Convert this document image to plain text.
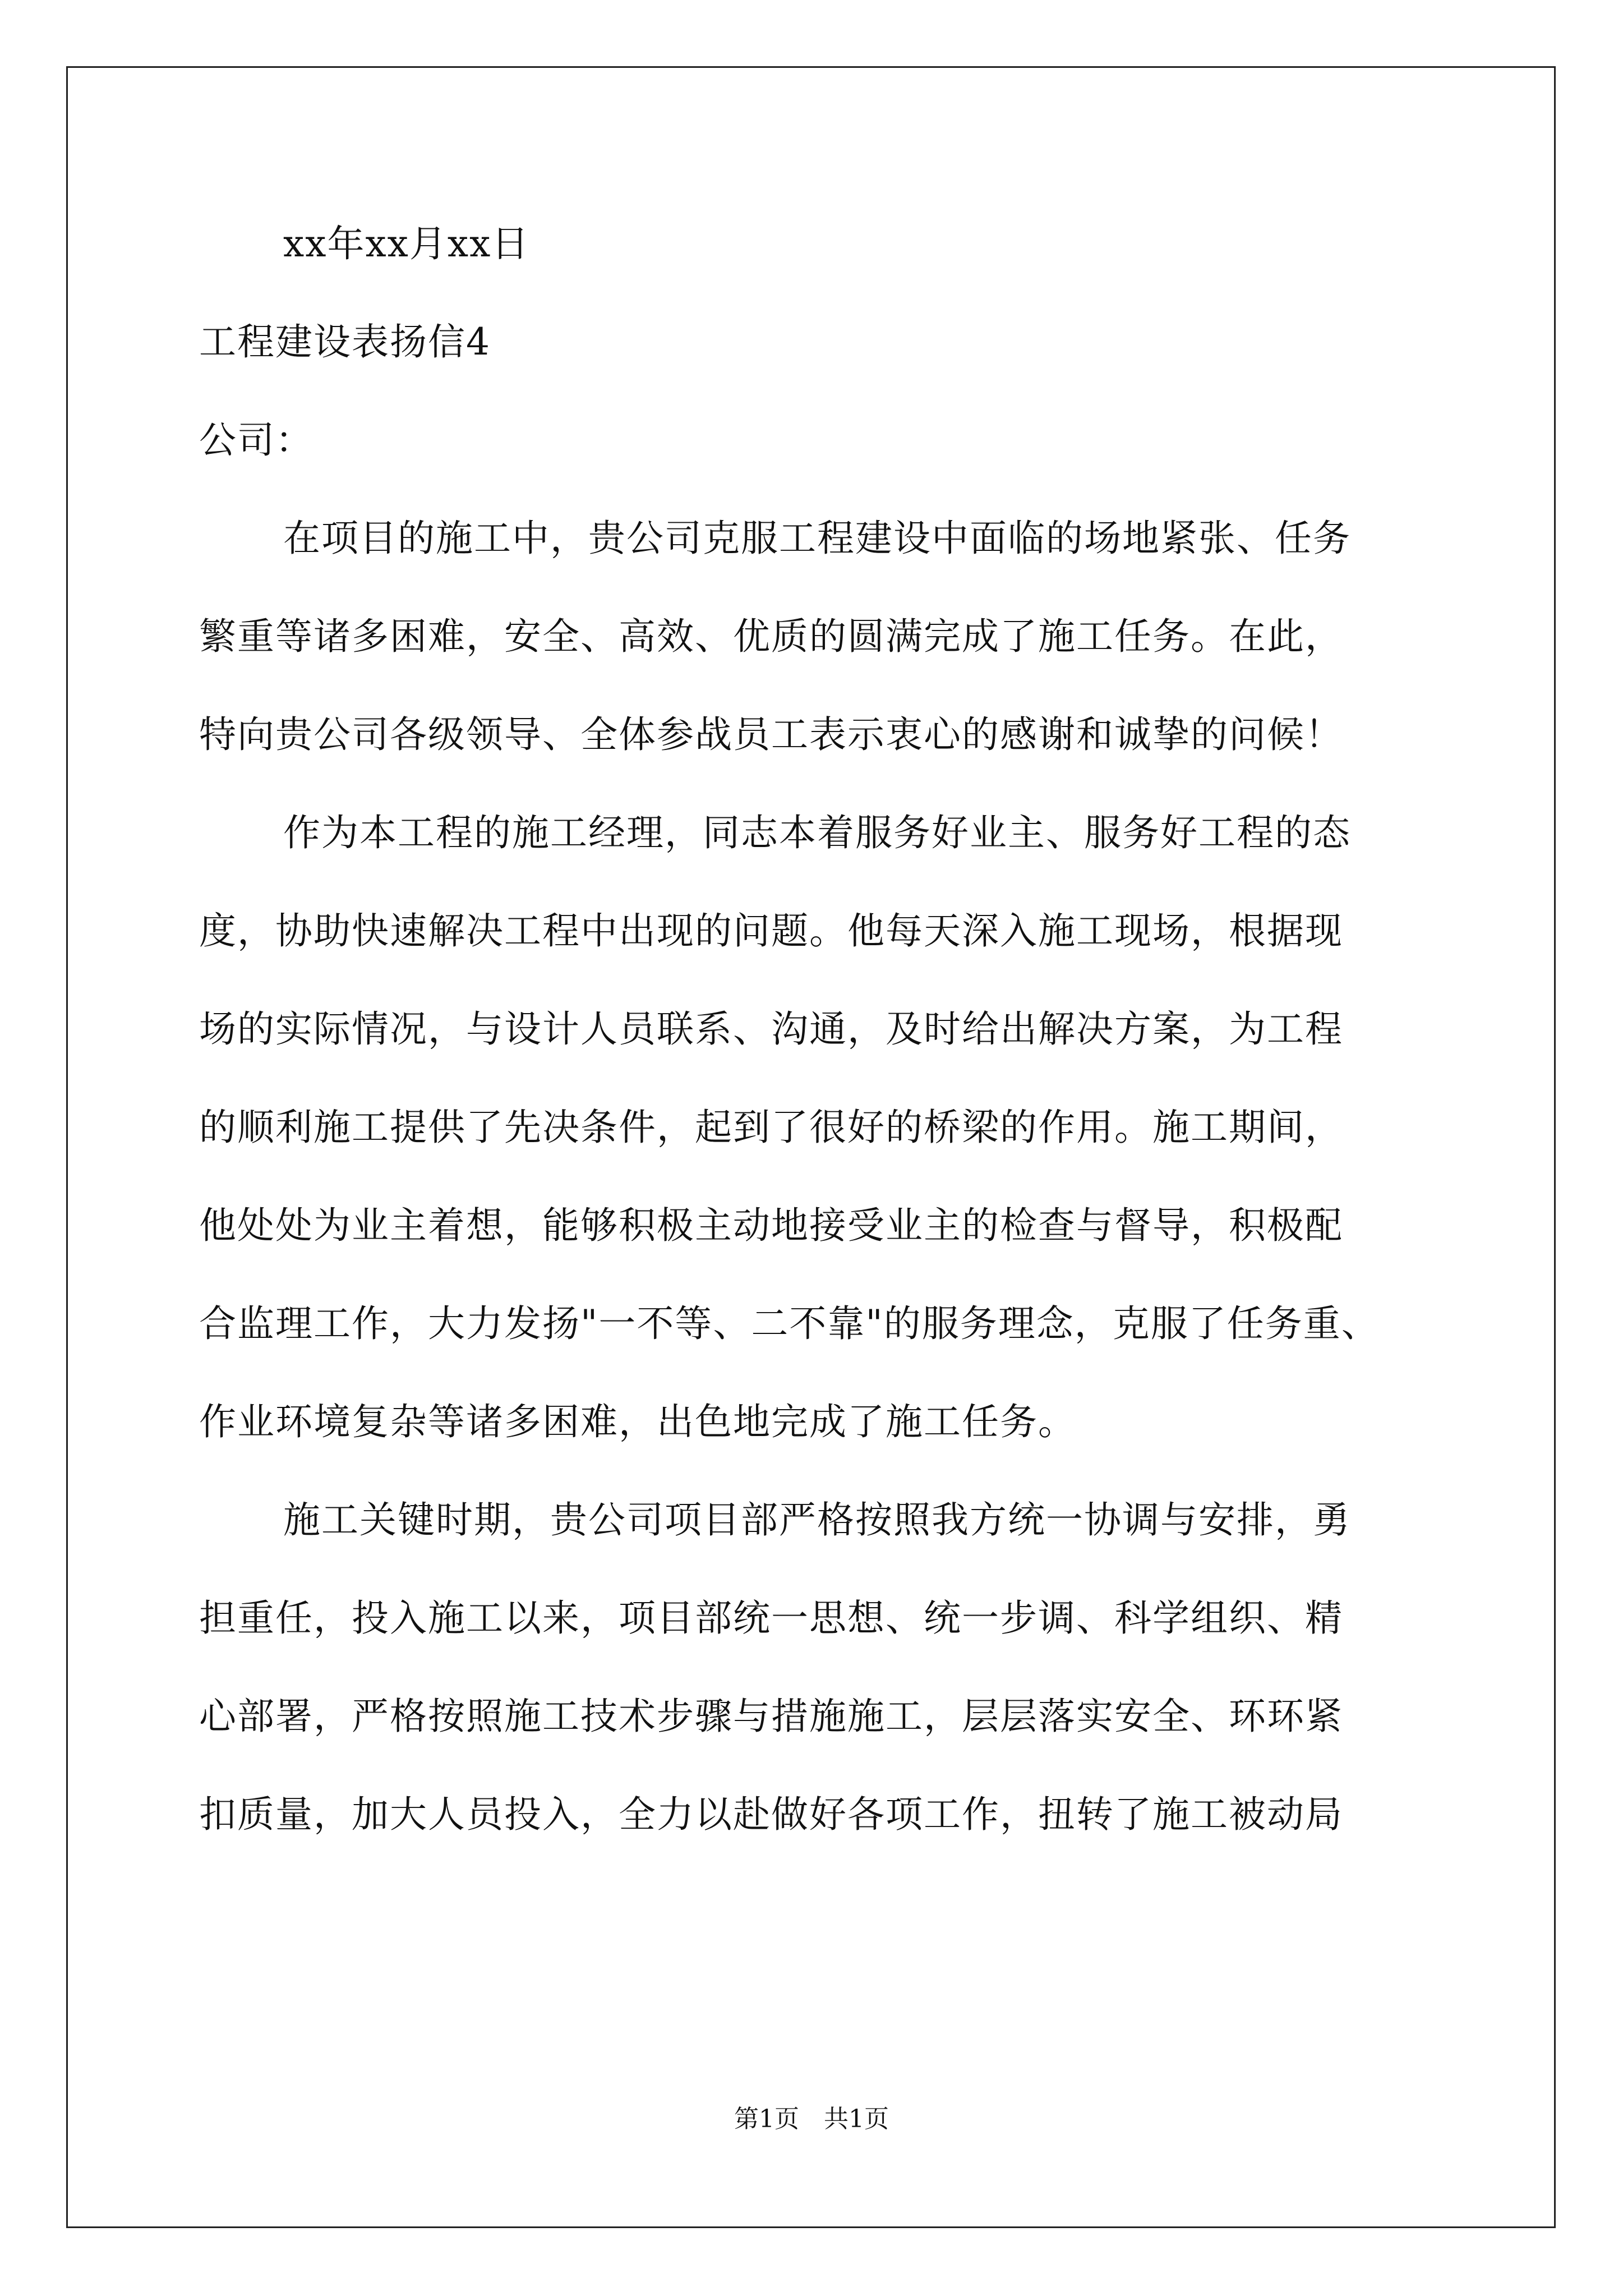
xx年xx月xx日
工程建设表扬信4
公司：
在项目的施工中，贵公司克服工程建设中面临的场地紧张、任务
繁重等诸多困难，安全、高效、优质的圆满完成了施工任务。在此，
特向贵公司各级领导、全体参战员工表示衷心的感谢和诚挚的问候！
作为本工程的施工经理，同志本着服务好业主、服务好工程的态
度，协助快速解决工程中出现的问题。他每天深入施工现场，根据现
场的实际情况，与设计人员联系、沟通，及时给出解决方案，为工程
的顺利施工提供了先决条件，起到了很好的桥梁的作用。施工期间，
他处处为业主着想，能够积极主动地接受业主的检查与督导，积极配
合监理工作，大力发扬"一不等、二不靠"的服务理念，克服了任务重、
作业环境复杂等诸多困难，出色地完成了施工任务。
施工关键时期，贵公司项目部严格按照我方统一协调与安排，勇
担重任，投入施工以来，项目部统一思想、统一步调、科学组织、精
心部署，严格按照施工技术步骤与措施施工，层层落实安全、环环紧
扣质量，加大人员投入，全力以赴做好各项工作，扭转了施工被动局
第1页　共1页
